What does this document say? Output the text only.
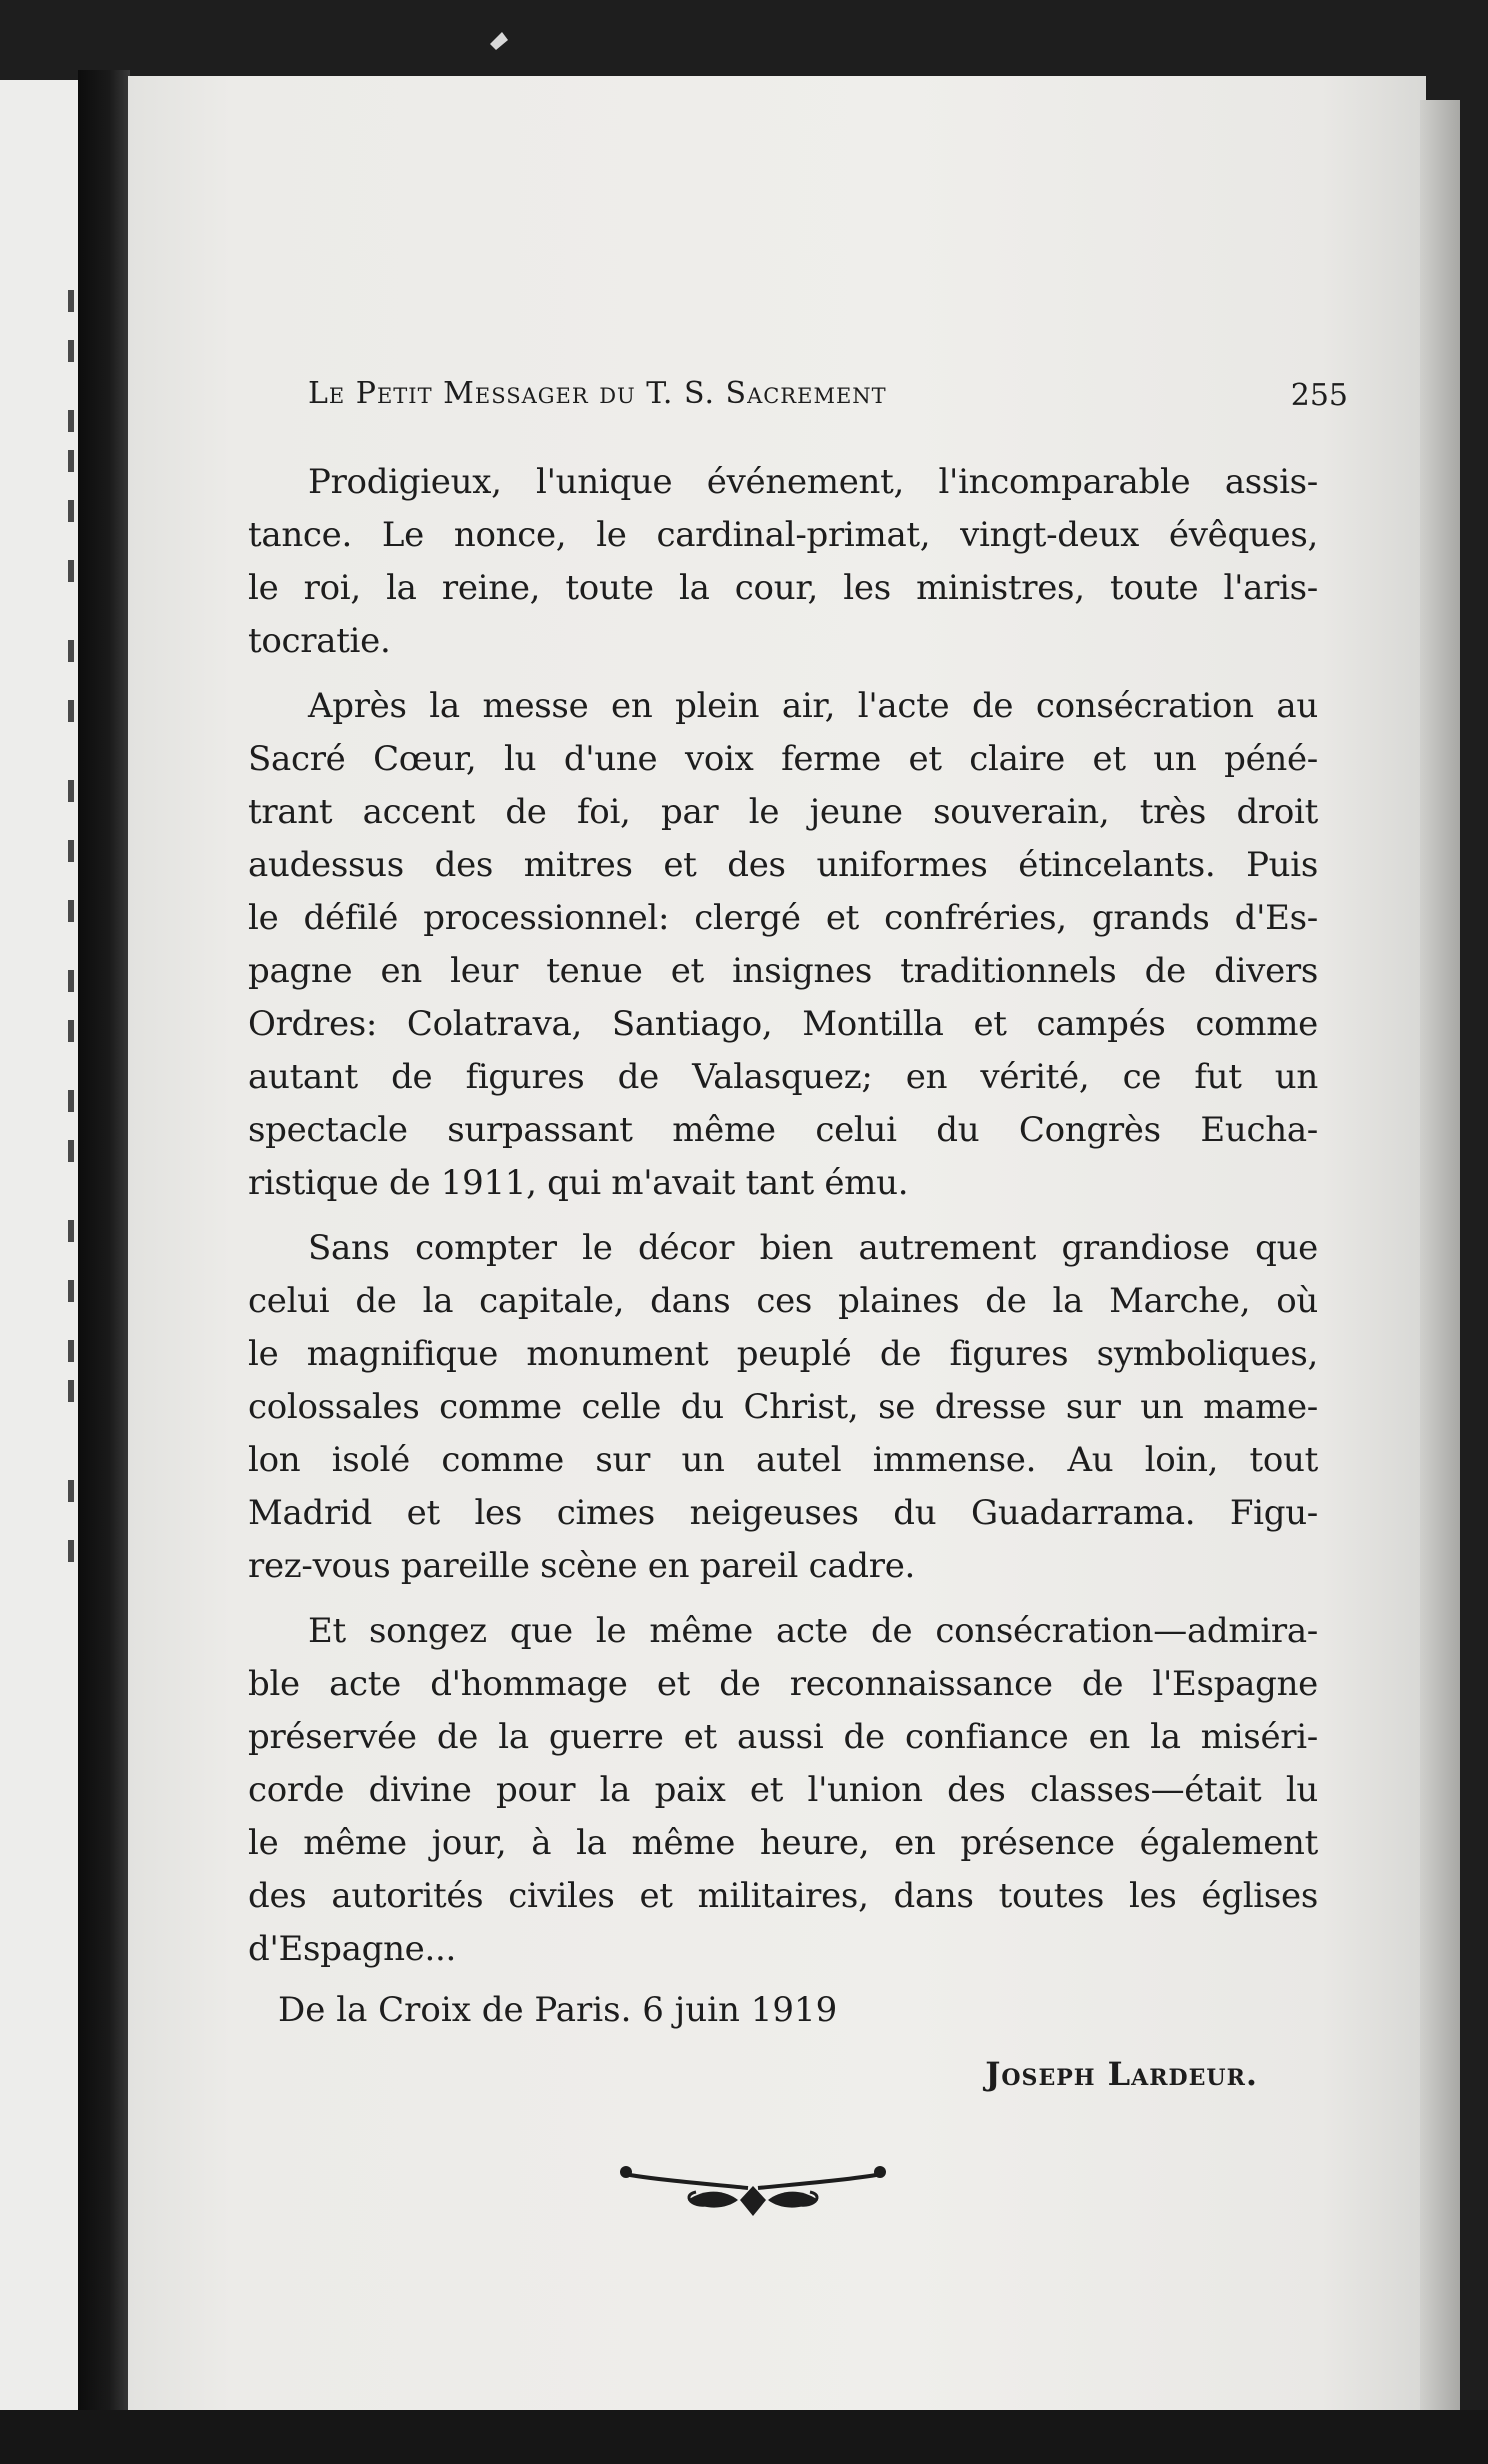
Le Petit Messager du T. S. Sacrement	255
Prodigieux, l'unique événement, l'incomparable assis-
tance. Le nonce, le cardinal-primat, vingt-deux évêques,
le roi, la reine, toute la cour, les ministres, toute l'aris-
tocratie.
Après la messe en plein air, l'acte de consécration au
Sacré Cœur, lu d'une voix ferme et claire et un péné-
trant accent de foi, par le jeune souverain, très droit
audessus des mitres et des uniformes étincelants. Puis
le défilé processionnel: clergé et confréries, grands d'Es-
pagne en leur tenue et insignes traditionnels de divers
Ordres: Colatrava, Santiago, Montilla et campés comme
autant de figures de Valasquez; en vérité, ce fut un
spectacle surpassant même celui du Congrès Eucha-
ristique de 1911, qui m'avait tant ému.
Sans compter le décor bien autrement grandiose que
celui de la capitale, dans ces plaines de la Marche, où
le magnifique monument peuplé de figures symboliques,
colossales comme celle du Christ, se dresse sur un mame-
lon isolé comme sur un autel immense. Au loin, tout
Madrid et les cimes neigeuses du Guadarrama. Figu-
rez-vous pareille scène en pareil cadre.
Et songez que le même acte de consécration—admira-
ble acte d'hommage et de reconnaissance de l'Espagne
préservée de la guerre et aussi de confiance en la miséri-
corde divine pour la paix et l'union des classes—était lu
le même jour, à la même heure, en présence également
des autorités civiles et militaires, dans toutes les églises
d'Espagne...
De la Croix de Paris. 6 juin 1919
Joseph Lardeur.
